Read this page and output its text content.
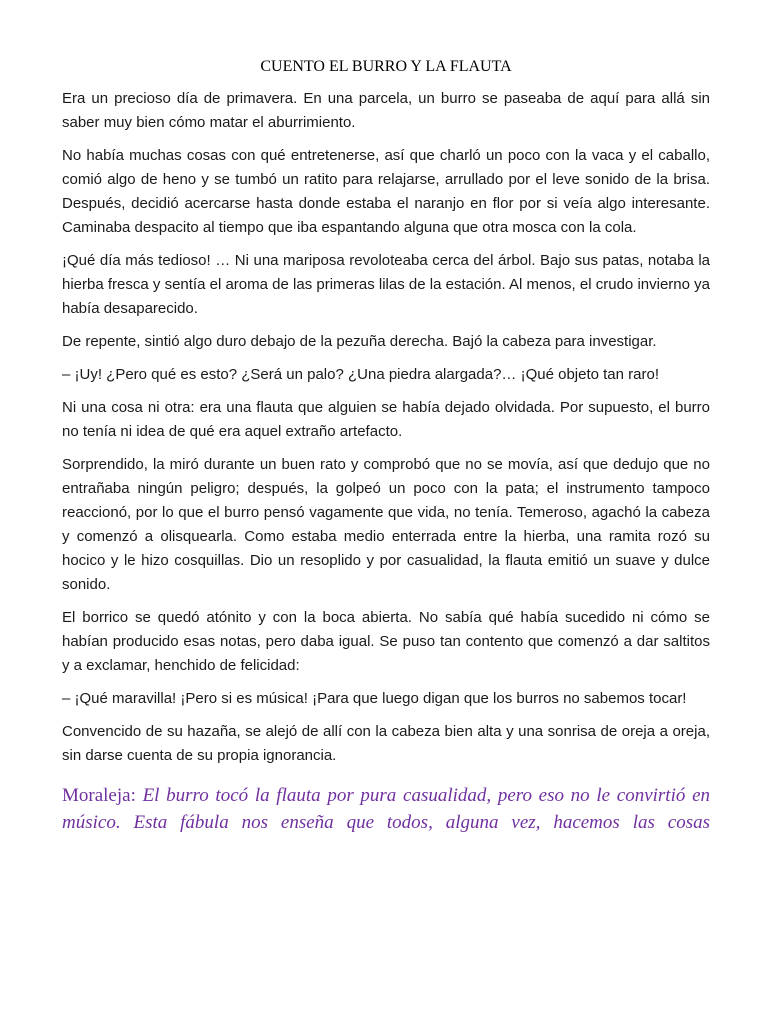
CUENTO EL BURRO Y LA FLAUTA

Era un precioso día de primavera. En una parcela, un burro se paseaba de aquí para allá sin saber muy bien cómo matar el aburrimiento.

No había muchas cosas con qué entretenerse, así que charló un poco con la vaca y el caballo, comió algo de heno y se tumbó un ratito para relajarse, arrullado por el leve sonido de la brisa. Después, decidió acercarse hasta donde estaba el naranjo en flor por si veía algo interesante. Caminaba despacito al tiempo que iba espantando alguna que otra mosca con la cola.

¡Qué día más tedioso! … Ni una mariposa revoloteaba cerca del árbol. Bajo sus patas, notaba la hierba fresca y sentía el aroma de las primeras lilas de la estación. Al menos, el crudo invierno ya había desaparecido.

De repente, sintió algo duro debajo de la pezuña derecha. Bajó la cabeza para investigar.

– ¡Uy! ¿Pero qué es esto? ¿Será un palo? ¿Una piedra alargada?… ¡Qué objeto tan raro!

Ni una cosa ni otra: era una flauta que alguien se había dejado olvidada. Por supuesto, el burro no tenía ni idea de qué era aquel extraño artefacto.

Sorprendido, la miró durante un buen rato y comprobó que no se movía, así que dedujo que no entrañaba ningún peligro; después, la golpeó un poco con la pata; el instrumento tampoco reaccionó, por lo que el burro pensó vagamente que vida, no tenía. Temeroso, agachó la cabeza y comenzó a olisquearla. Como estaba medio enterrada entre la hierba, una ramita rozó su hocico y le hizo cosquillas. Dio un resoplido y por casualidad, la flauta emitió un suave y dulce sonido.

El borrico se quedó atónito y con la boca abierta. No sabía qué había sucedido ni cómo se habían producido esas notas, pero daba igual. Se puso tan contento que comenzó a dar saltitos y a exclamar, henchido de felicidad:

– ¡Qué maravilla! ¡Pero si es música! ¡Para que luego digan que los burros no sabemos tocar!

Convencido de su hazaña, se alejó de allí con la cabeza bien alta y una sonrisa de oreja a oreja, sin darse cuenta de su propia ignorancia.

Moraleja: El burro tocó la flauta por pura casualidad, pero eso no le convirtió en músico. Esta fábula nos enseña que todos, alguna vez, hacemos las cosas
